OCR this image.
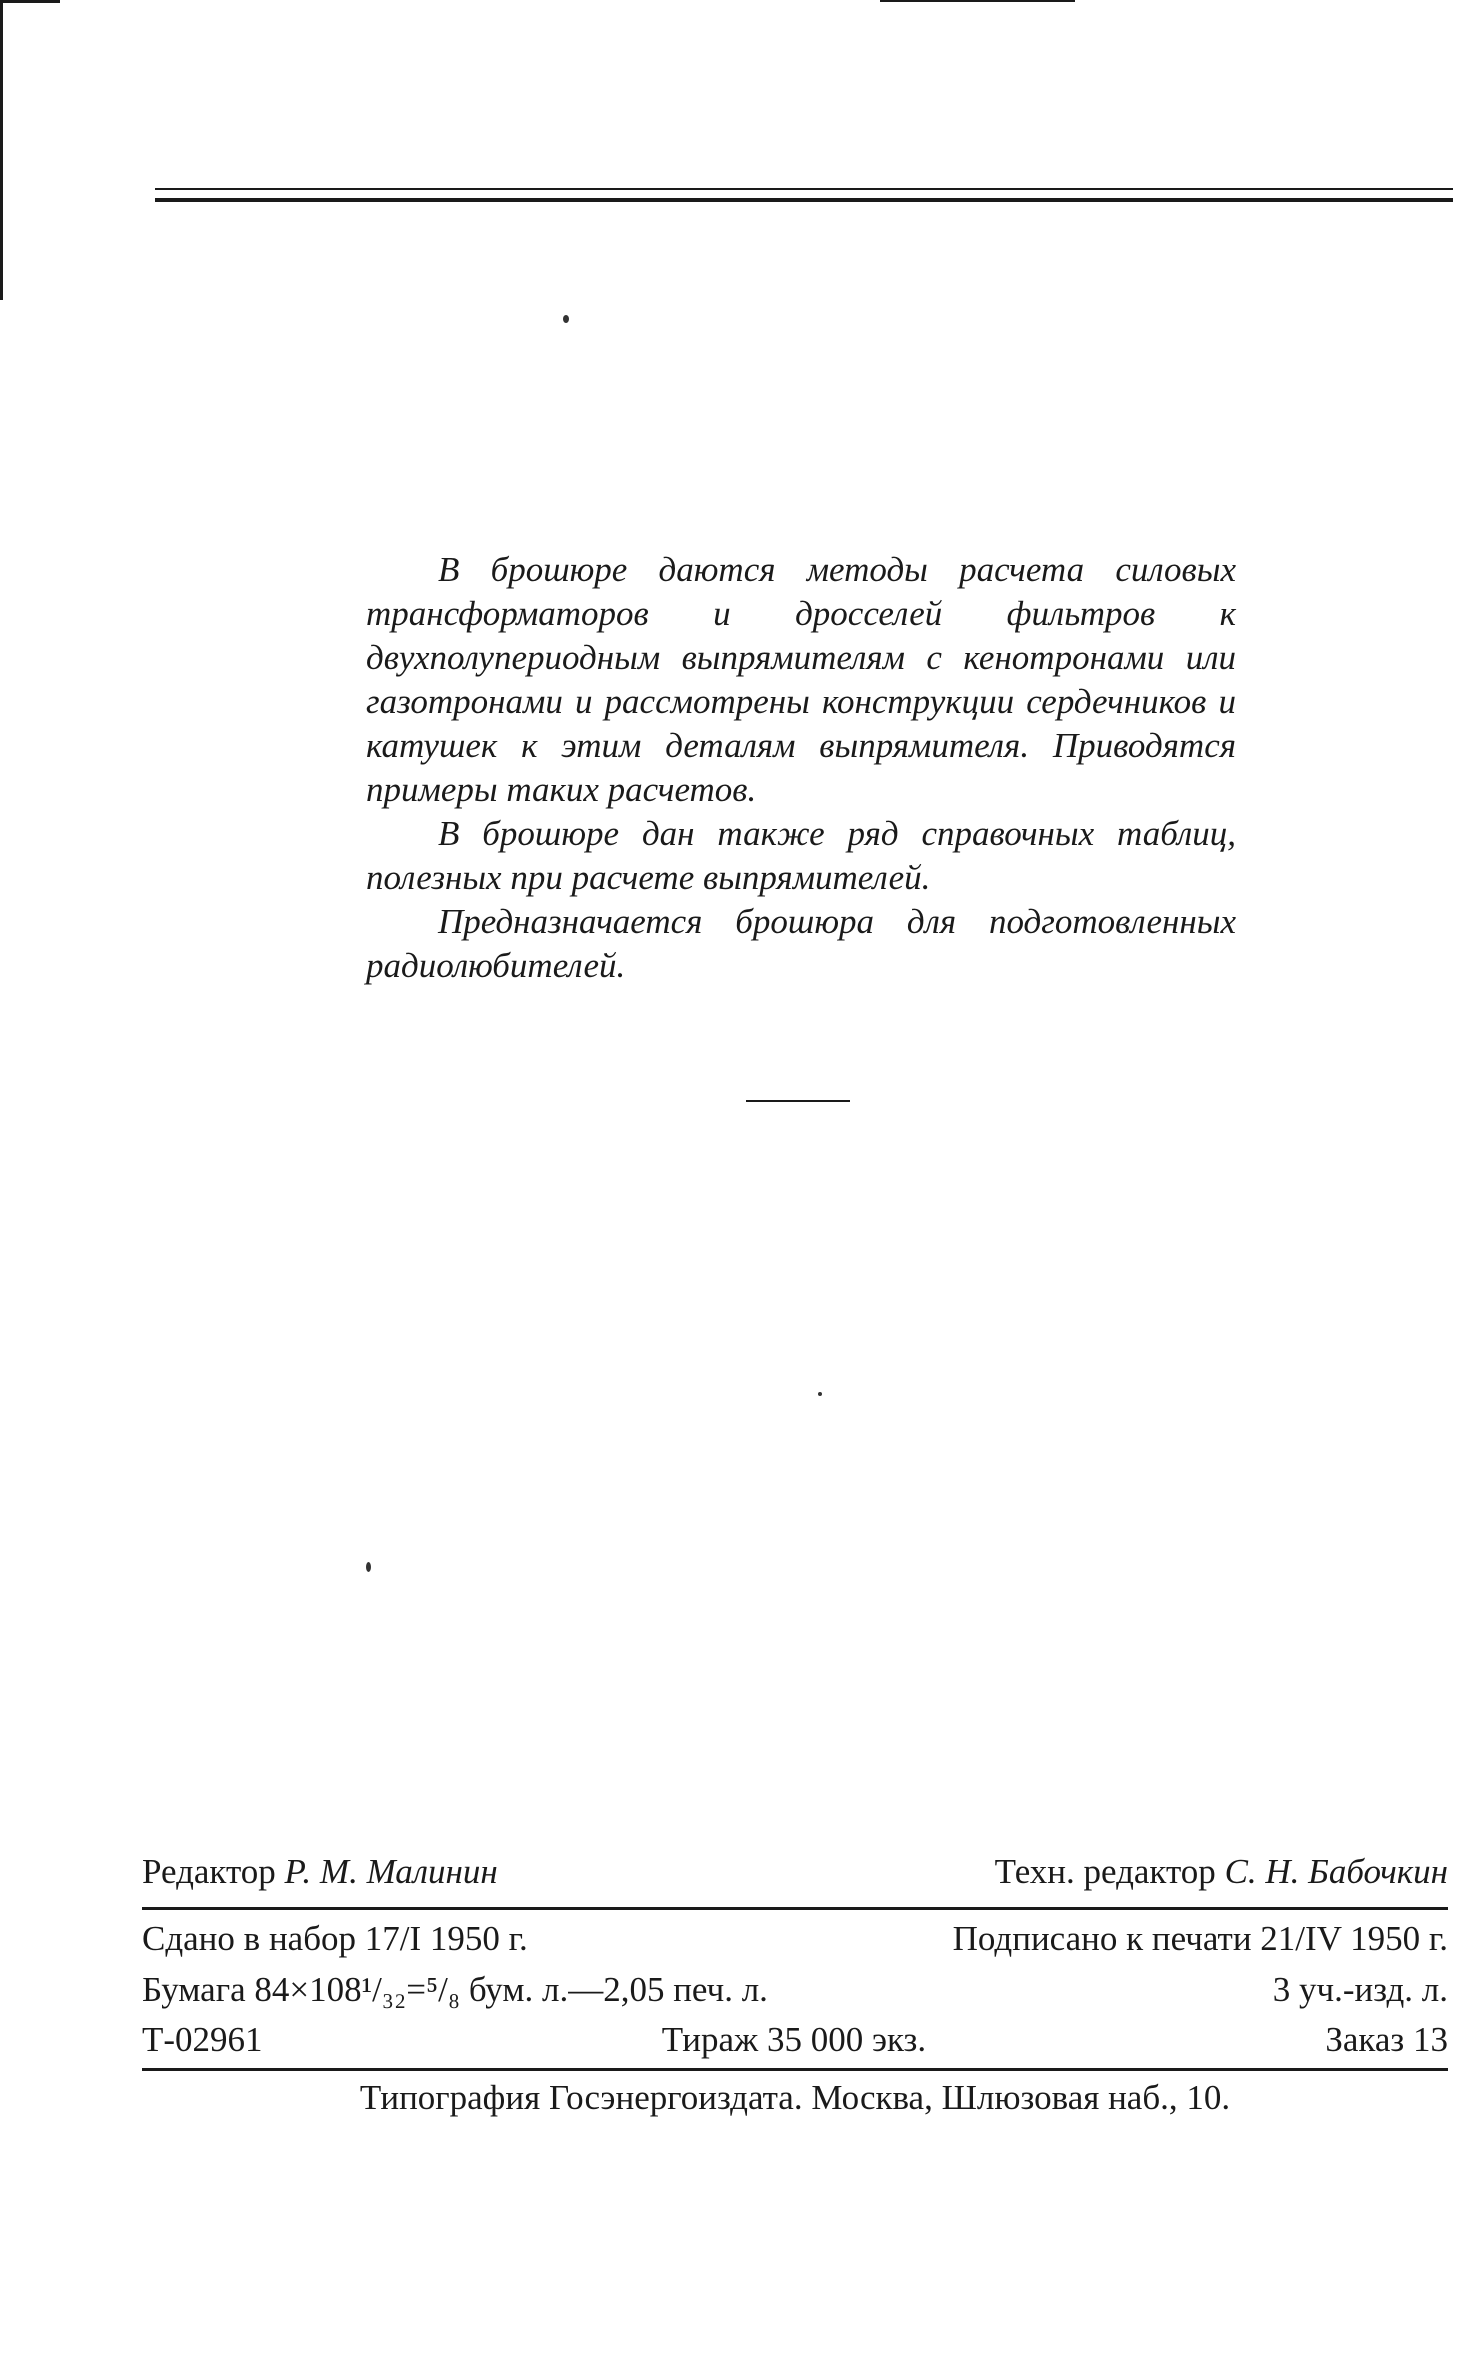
В брошюре даются методы расчета силовых трансформаторов и дросселей фильтров к двухполупериодным выпрямителям с кенотронами или газотронами и рассмотрены конструкции сердечников и катушек к этим деталям выпрямителя. Приводятся примеры таких расчетов.

В брошюре дан также ряд справочных таблиц, полезных при расчете выпрямителей.

Предназначается брошюра для подготовленных радиолюбителей.

Редактор Р. М. Малинин	Техн. редактор С. Н. Бабочкин
Сдано в набор 17/I 1950 г.	Подписано к печати 21/IV 1950 г.
Бумага 84×108¹/₃₂=⁵/₈ бум. л.—2,05 печ. л.	3 уч.-изд. л.
Т-02961	Тираж 35 000 экз.	Заказ 13
Типография Госэнергоиздата. Москва, Шлюзовая наб., 10.
